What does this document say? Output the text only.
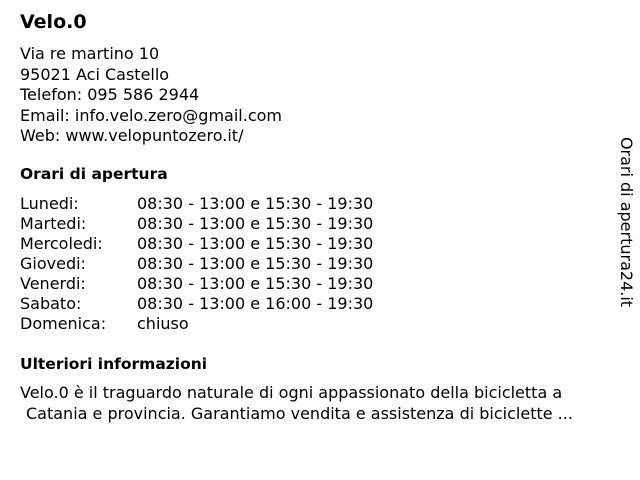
Velo.0
Via re martino 10
95021 Aci Castello
Telefon: 095 586 2944
Email: info.velo.zero@gmail.com
Web: www.velopuntozero.it/
Orari di apertura
Lunedi:	08:30 - 13:00 e 15:30 - 19:30
Martedi:	08:30 - 13:00 e 15:30 - 19:30
Mercoledi:	08:30 - 13:00 e 15:30 - 19:30
Giovedi:	08:30 - 13:00 e 15:30 - 19:30
Venerdi:	08:30 - 13:00 e 15:30 - 19:30
Sabato:	08:30 - 13:00 e 16:00 - 19:30
Domenica:	chiuso
Ulteriori informazioni
Velo.0 è il traguardo naturale di ogni appassionato della bicicletta a
Catania e provincia. Garantiamo vendita e assistenza di biciclette ...
Orari di apertura24.it
